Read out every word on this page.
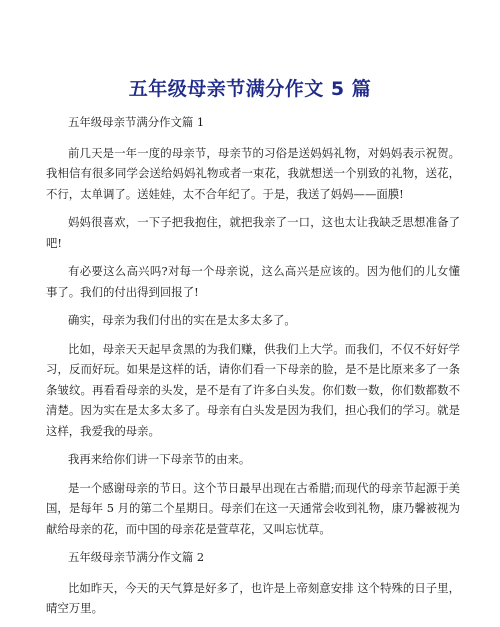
五年级母亲节满分作文 5 篇

五年级母亲节满分作文篇 1

前几天是一年一度的母亲节，母亲节的习俗是送妈妈礼物，对妈妈表示祝贺。我相信有很多同学会送给妈妈礼物或者一束花，我就想送一个别致的礼物，送花，不行，太单调了。送娃娃，太不合年纪了。于是，我送了妈妈——面膜!

妈妈很喜欢，一下子把我抱住，就把我亲了一口，这也太让我缺乏思想准备了吧!

有必要这么高兴吗?对每一个母亲说，这么高兴是应该的。因为他们的儿女懂事了。我们的付出得到回报了!

确实，母亲为我们付出的实在是太多太多了。

比如，母亲天天起早贪黑的为我们赚，供我们上大学。而我们，不仅不好好学习，反而好玩。如果是这样的话，请你们看一下母亲的脸，是不是比原来多了一条条皱纹。再看看母亲的头发，是不是有了许多白头发。你们数一数，你们数都数不清楚。因为实在是太多太多了。母亲有白头发是因为我们，担心我们的学习。就是这样，我爱我的母亲。

我再来给你们讲一下母亲节的由来。

是一个感谢母亲的节日。这个节日最早出现在古希腊;而现代的母亲节起源于美国，是每年 5 月的第二个星期日。母亲们在这一天通常会收到礼物，康乃馨被视为献给母亲的花，而中国的母亲花是萱草花，又叫忘忧草。

五年级母亲节满分作文篇 2

比如昨天，今天的天气算是好多了，也许是上帝刻意安排 这个特殊的日子里，晴空万里。
